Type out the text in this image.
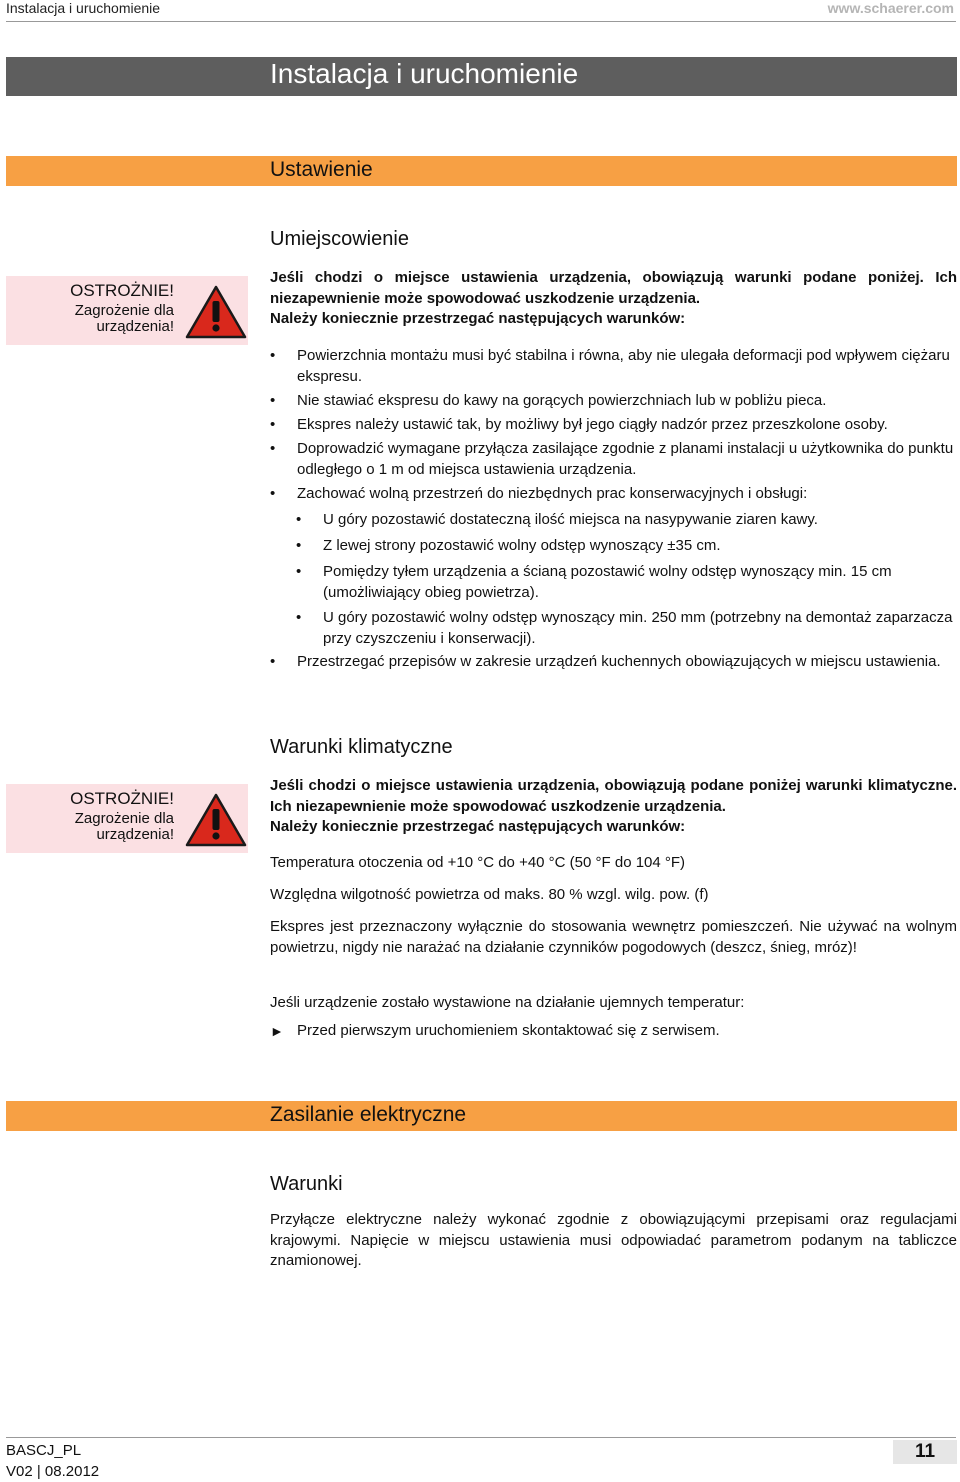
Instalacja i uruchomienie	www.schaerer.com
Instalacja i uruchomienie
Ustawienie
Umiejscowienie
OSTROŻNIE!
Zagrożenie dla urządzenia!
Jeśli chodzi o miejsce ustawienia urządzenia, obowiązują warunki podane poniżej. Ich niezapewnienie może spowodować uszkodzenie urządzenia.
Należy koniecznie przestrzegać następujących warunków:
• Powierzchnia montażu musi być stabilna i równa, aby nie ulegała deformacji pod wpływem ciężaru ekspresu.
• Nie stawiać ekspresu do kawy na gorących powierzchniach lub w pobliżu pieca.
• Ekspres należy ustawić tak, by możliwy był jego ciągły nadzór przez przeszkolone osoby.
• Doprowadzić wymagane przyłącza zasilające zgodnie z planami instalacji u użytkownika do punktu odległego o 1 m od miejsca ustawienia urządzenia.
• Zachować wolną przestrzeń do niezbędnych prac konserwacyjnych i obsługi:
• U góry pozostawić dostateczną ilość miejsca na nasypywanie ziaren kawy.
• Z lewej strony pozostawić wolny odstęp wynoszący ±35 cm.
• Pomiędzy tyłem urządzenia a ścianą pozostawić wolny odstęp wynoszący min. 15 cm (umożliwiający obieg powietrza).
• U góry pozostawić wolny odstęp wynoszący min. 250 mm (potrzebny na demontaż zaparzacza przy czyszczeniu i konserwacji).
• Przestrzegać przepisów w zakresie urządzeń kuchennych obowiązujących w miejscu ustawienia.
Warunki klimatyczne
OSTROŻNIE!
Zagrożenie dla urządzenia!
Jeśli chodzi o miejsce ustawienia urządzenia, obowiązują podane poniżej warunki klimatyczne. Ich niezapewnienie może spowodować uszkodzenie urządzenia.
Należy koniecznie przestrzegać następujących warunków:
Temperatura otoczenia od +10 °C do +40 °C (50 °F do 104 °F)
Względna wilgotność powietrza od maks. 80 % wzgl. wilg. pow. (f)
Ekspres jest przeznaczony wyłącznie do stosowania wewnętrz pomieszczeń. Nie używać na wolnym powietrzu, nigdy nie narażać na działanie czynników pogodowych (deszcz, śnieg, mróz)!
Jeśli urządzenie zostało wystawione na działanie ujemnych temperatur:
► Przed pierwszym uruchomieniem skontaktować się z serwisem.
Zasilanie elektryczne
Warunki
Przyłącze elektryczne należy wykonać zgodnie z obowiązującymi przepisami oraz regulacjami krajowymi. Napięcie w miejscu ustawienia musi odpowiadać parametrom podanym na tabliczce znamionowej.
BASCJ_PL
V02 | 08.2012
11
